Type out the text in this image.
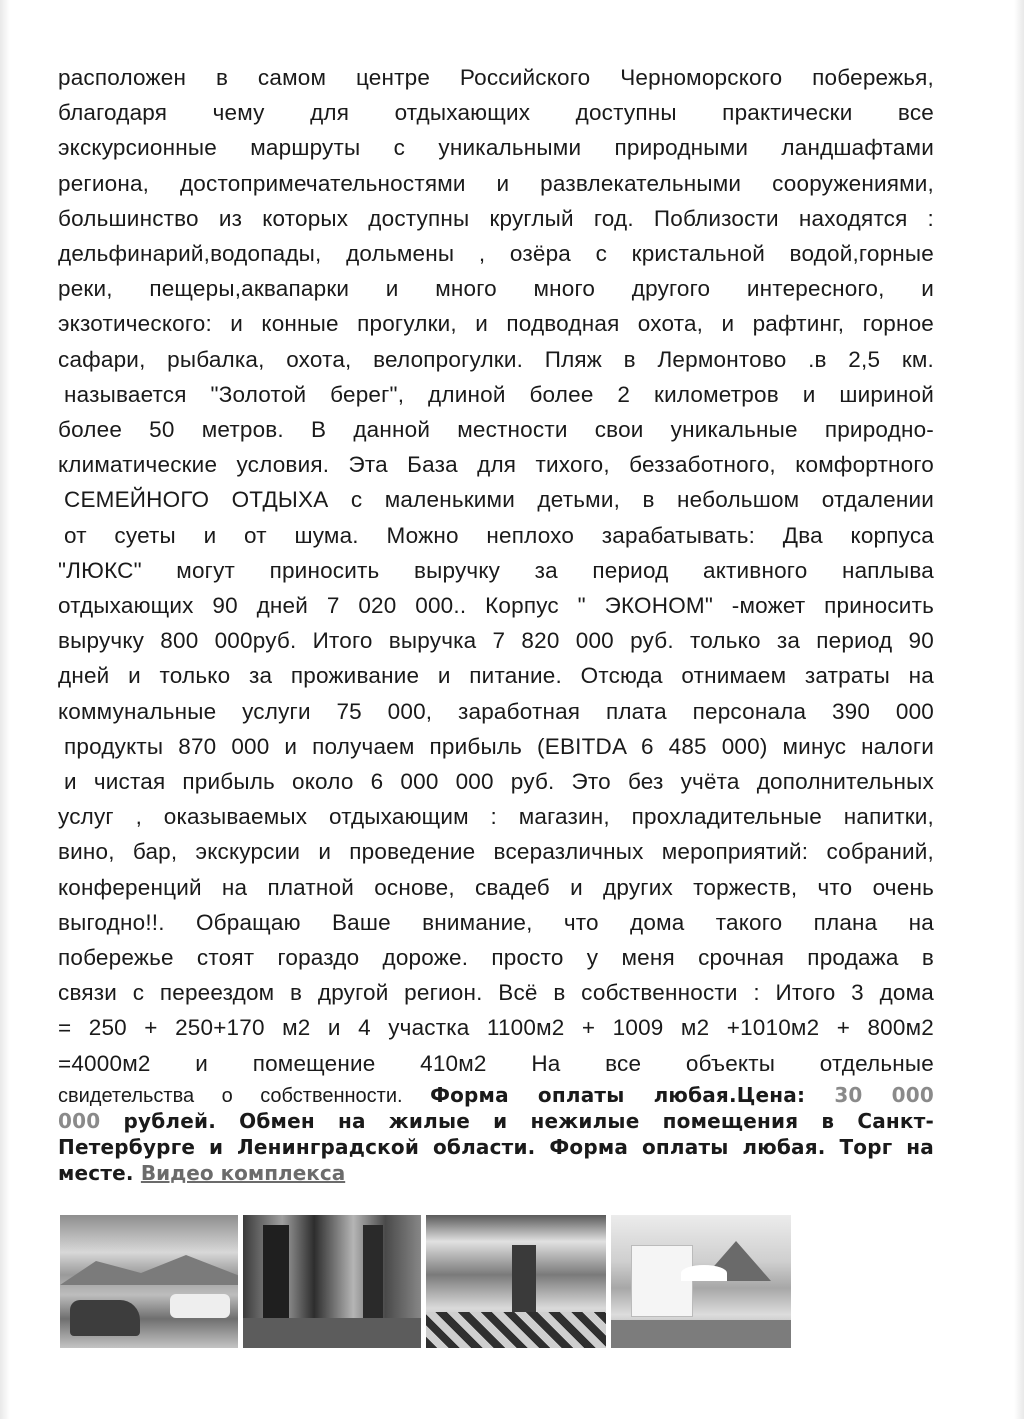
расположен в самом центре Российского Черноморского побережья,

благодаря чему для отдыхающих доступны практически все

экскурсионные маршруты с уникальными природными ландшафтами

региона, достопримечательностями и развлекательными сооружениями,

большинство из которых доступны круглый год. Поблизости находятся :

дельфинарий,водопады, дольмены , озёра с кристальной водой,горные

реки, пещеры,аквапарки и много много другого интересного, и

экзотического: и конные прогулки, и подводная охота, и рафтинг, горное

сафари, рыбалка, охота, велопрогулки. Пляж в Лермонтово .в 2,5 км.

называется "Золотой берег", длиной более 2 километров и шириной

более 50 метров. В данной местности свои уникальные природно-

климатические условия. Эта База для тихого, беззаботного, комфортного

СЕМЕЙНОГО ОТДЫХА с маленькими детьми, в небольшом отдалении

от суеты и от шума. Можно неплохо зарабатывать: Два корпуса

"ЛЮКС" могут приносить выручку за период активного наплыва

отдыхающих 90 дней 7 020 000.. Корпус " ЭКОНОМ" -может приносить

выручку 800 000руб. Итого выручка 7 820 000 руб. только за период 90

дней и только за проживание и питание. Отсюда отнимаем затраты на

коммунальные услуги 75 000, заработная плата персонала 390 000

продукты 870 000 и получаем прибыль (EBITDA 6 485 000) минус налоги

и чистая прибыль около 6 000 000 руб. Это без учёта дополнительных

услуг , оказываемых отдыхающим : магазин, прохладительные напитки,

вино, бар, экскурсии и проведение всеразличных мероприятий: собраний,

конференций на платной основе, свадеб и других торжеств, что очень

выгодно!!. Обращаю Ваше внимание, что дома такого плана на

побережье стоят гораздо дороже. просто у меня срочная продажа в

связи с переездом в другой регион. Всё в собственности : Итого 3 дома

= 250 + 250+170 м2 и 4 участка 1100м2 + 1009 м2 +1010м2 + 800м2

=4000м2 и помещение 410м2 На все объекты отдельные

свидетельства о собственности. Форма оплаты любая.Цена: 30 000

000 рублей. Обмен на жилые и нежилые помещения в Санкт-

Петербурге и Ленинградской области. Форма оплаты любая. Торг на

месте. Видео комплекса
